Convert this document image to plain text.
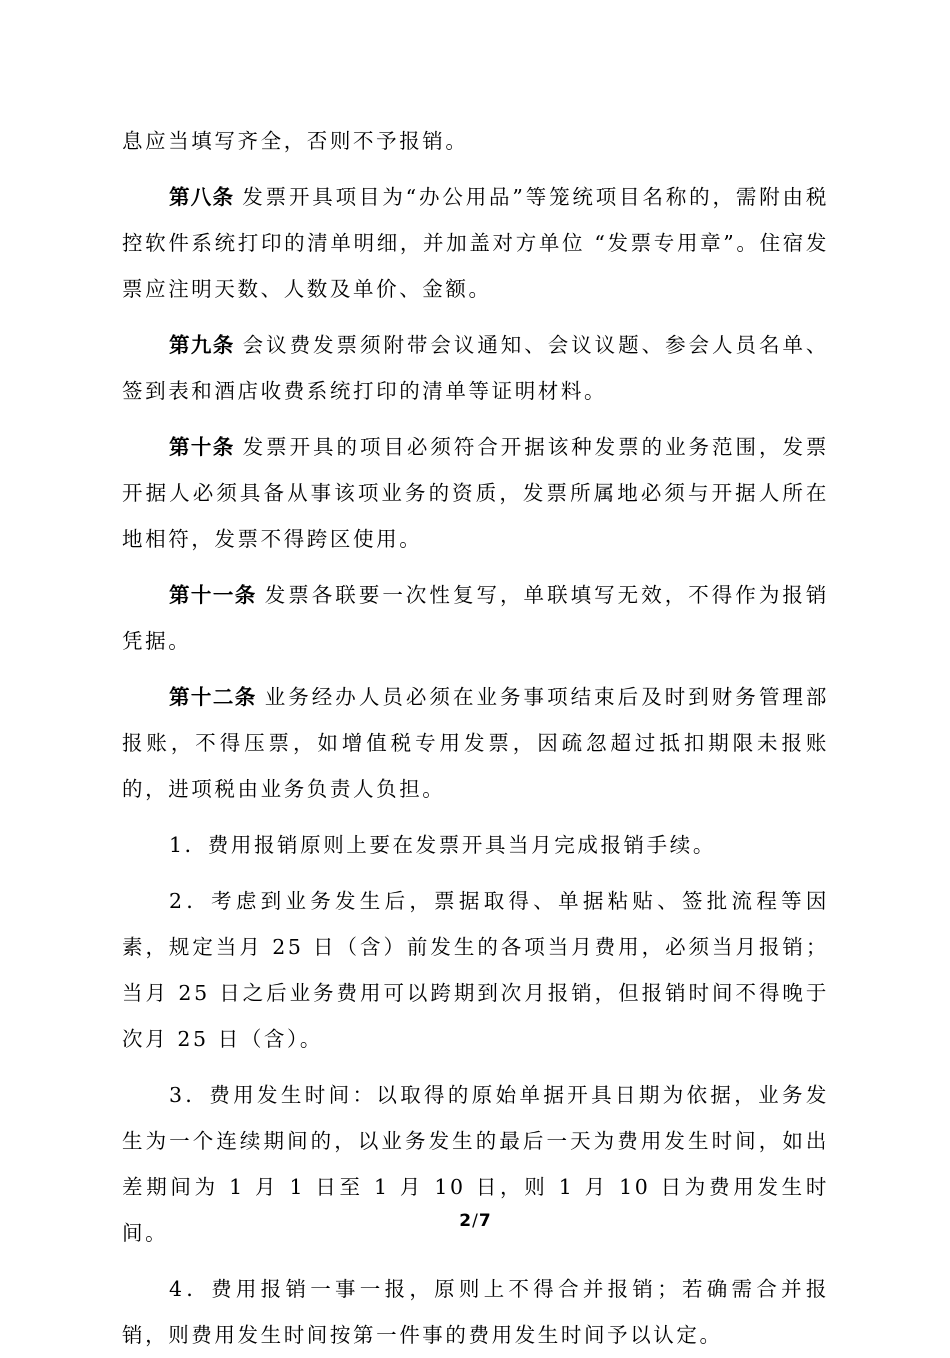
息应当填写齐全，否则不予报销。

第八条 发票开具项目为“办公用品”等笼统项目名称的，需附由税控软件系统打印的清单明细，并加盖对方单位 “发票专用章”。住宿发票应注明天数、人数及单价、金额。

第九条 会议费发票须附带会议通知、会议议题、参会人员名单、签到表和酒店收费系统打印的清单等证明材料。

第十条 发票开具的项目必须符合开据该种发票的业务范围，发票开据人必须具备从事该项业务的资质，发票所属地必须与开据人所在地相符，发票不得跨区使用。

第十一条 发票各联要一次性复写，单联填写无效，不得作为报销凭据。

第十二条 业务经办人员必须在业务事项结束后及时到财务管理部报账，不得压票，如增值税专用发票，因疏忽超过抵扣期限未报账的，进项税由业务负责人负担。

1．费用报销原则上要在发票开具当月完成报销手续。

2．考虑到业务发生后，票据取得、单据粘贴、签批流程等因素，规定当月 25 日（含）前发生的各项当月费用，必须当月报销；当月 25 日之后业务费用可以跨期到次月报销，但报销时间不得晚于次月 25 日（含）。

3．费用发生时间：以取得的原始单据开具日期为依据，业务发生为一个连续期间的，以业务发生的最后一天为费用发生时间，如出差期间为 1 月 1 日至 1 月 10 日，则 1 月 10 日为费用发生时间。

4．费用报销一事一报，原则上不得合并报销；若确需合并报销，则费用发生时间按第一件事的费用发生时间予以认定。

2/7
